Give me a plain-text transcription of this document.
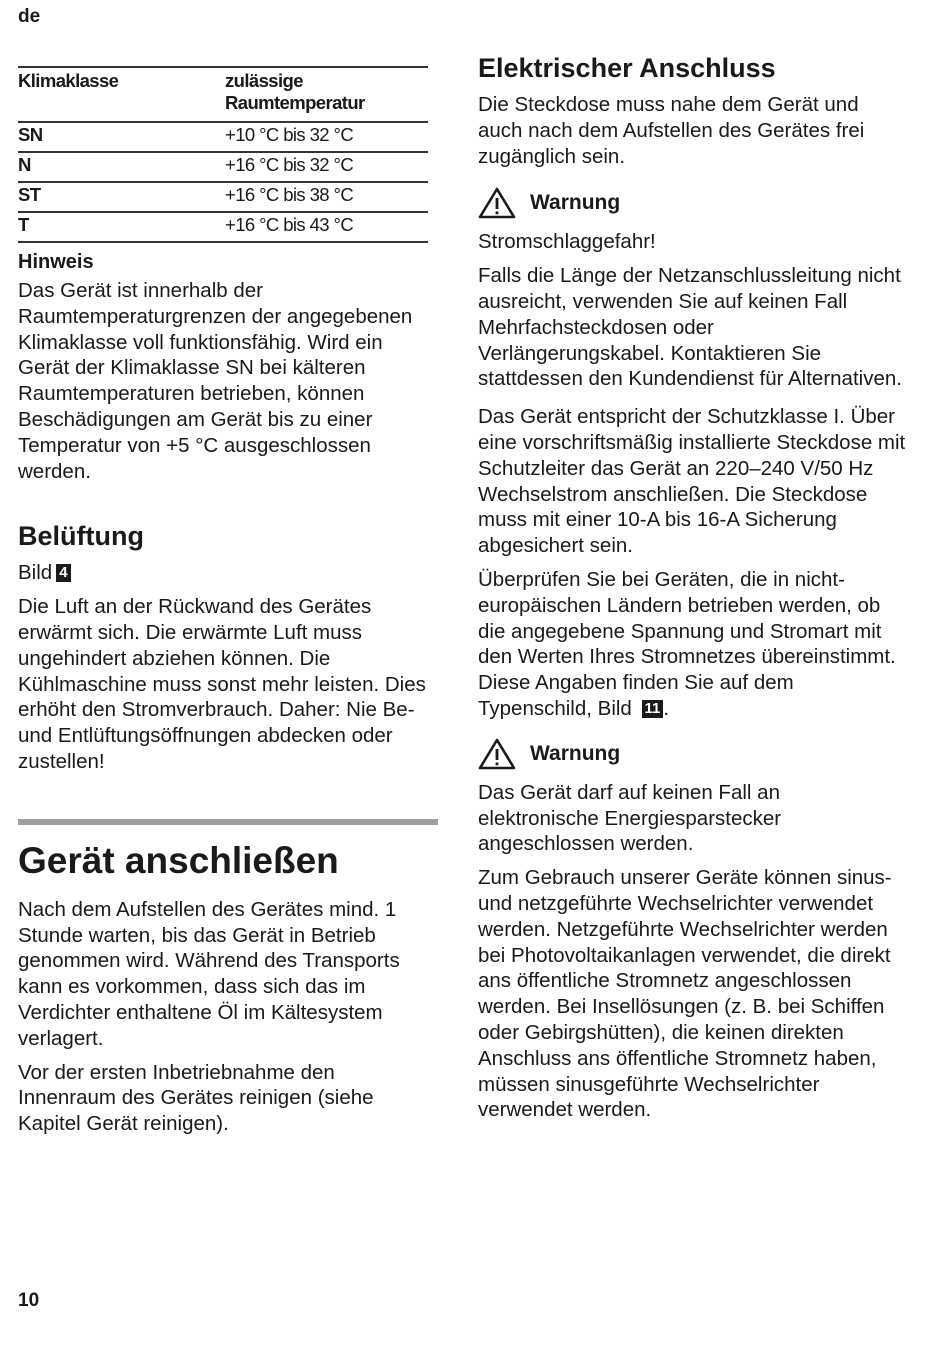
de
Klimaklasse	zulässige Raumtemperatur
SN	+10 °C bis 32 °C
N	+16 °C bis 32 °C
ST	+16 °C bis 38 °C
T	+16 °C bis 43 °C
Hinweis

Das Gerät ist innerhalb der Raumtemperaturgrenzen der angegebenen Klimaklasse voll funktionsfähig. Wird ein Gerät der Klimaklasse SN bei kälteren Raumtemperaturen betrieben, können Beschädigungen am Gerät bis zu einer Temperatur von +5 °C ausgeschlossen werden.

Belüftung

Bild 4

Die Luft an der Rückwand des Gerätes erwärmt sich. Die erwärmte Luft muss ungehindert abziehen können. Die Kühlmaschine muss sonst mehr leisten. Dies erhöht den Stromverbrauch. Daher: Nie Be- und Entlüftungsöffnungen abdecken oder zustellen!

Gerät anschließen

Nach dem Aufstellen des Gerätes mind. 1 Stunde warten, bis das Gerät in Betrieb genommen wird. Während des Transports kann es vorkommen, dass sich das im Verdichter enthaltene Öl im Kältesystem verlagert.

Vor der ersten Inbetriebnahme den Innenraum des Gerätes reinigen (siehe Kapitel Gerät reinigen).

Elektrischer Anschluss

Die Steckdose muss nahe dem Gerät und auch nach dem Aufstellen des Gerätes frei zugänglich sein.

Warnung

Stromschlaggefahr!

Falls die Länge der Netzanschlussleitung nicht ausreicht, verwenden Sie auf keinen Fall Mehrfachsteckdosen oder Verlängerungskabel. Kontaktieren Sie stattdessen den Kundendienst für Alternativen.

Das Gerät entspricht der Schutzklasse I. Über eine vorschriftsmäßig installierte Steckdose mit Schutzleiter das Gerät an 220–240 V/50 Hz Wechselstrom anschließen. Die Steckdose muss mit einer 10-A bis 16-A Sicherung abgesichert sein.

Überprüfen Sie bei Geräten, die in nicht-europäischen Ländern betrieben werden, ob die angegebene Spannung und Stromart mit den Werten Ihres Stromnetzes übereinstimmt. Diese Angaben finden Sie auf dem Typenschild, Bild 11 .

Warnung

Das Gerät darf auf keinen Fall an elektronische Energiesparstecker angeschlossen werden.

Zum Gebrauch unserer Geräte können sinus- und netzgeführte Wechselrichter verwendet werden. Netzgeführte Wechselrichter werden bei Photovoltaikanlagen verwendet, die direkt ans öffentliche Stromnetz angeschlossen werden. Bei Insellösungen (z. B. bei Schiffen oder Gebirgshütten), die keinen direkten Anschluss ans öffentliche Stromnetz haben, müssen sinusgeführte Wechselrichter verwendet werden.

10
